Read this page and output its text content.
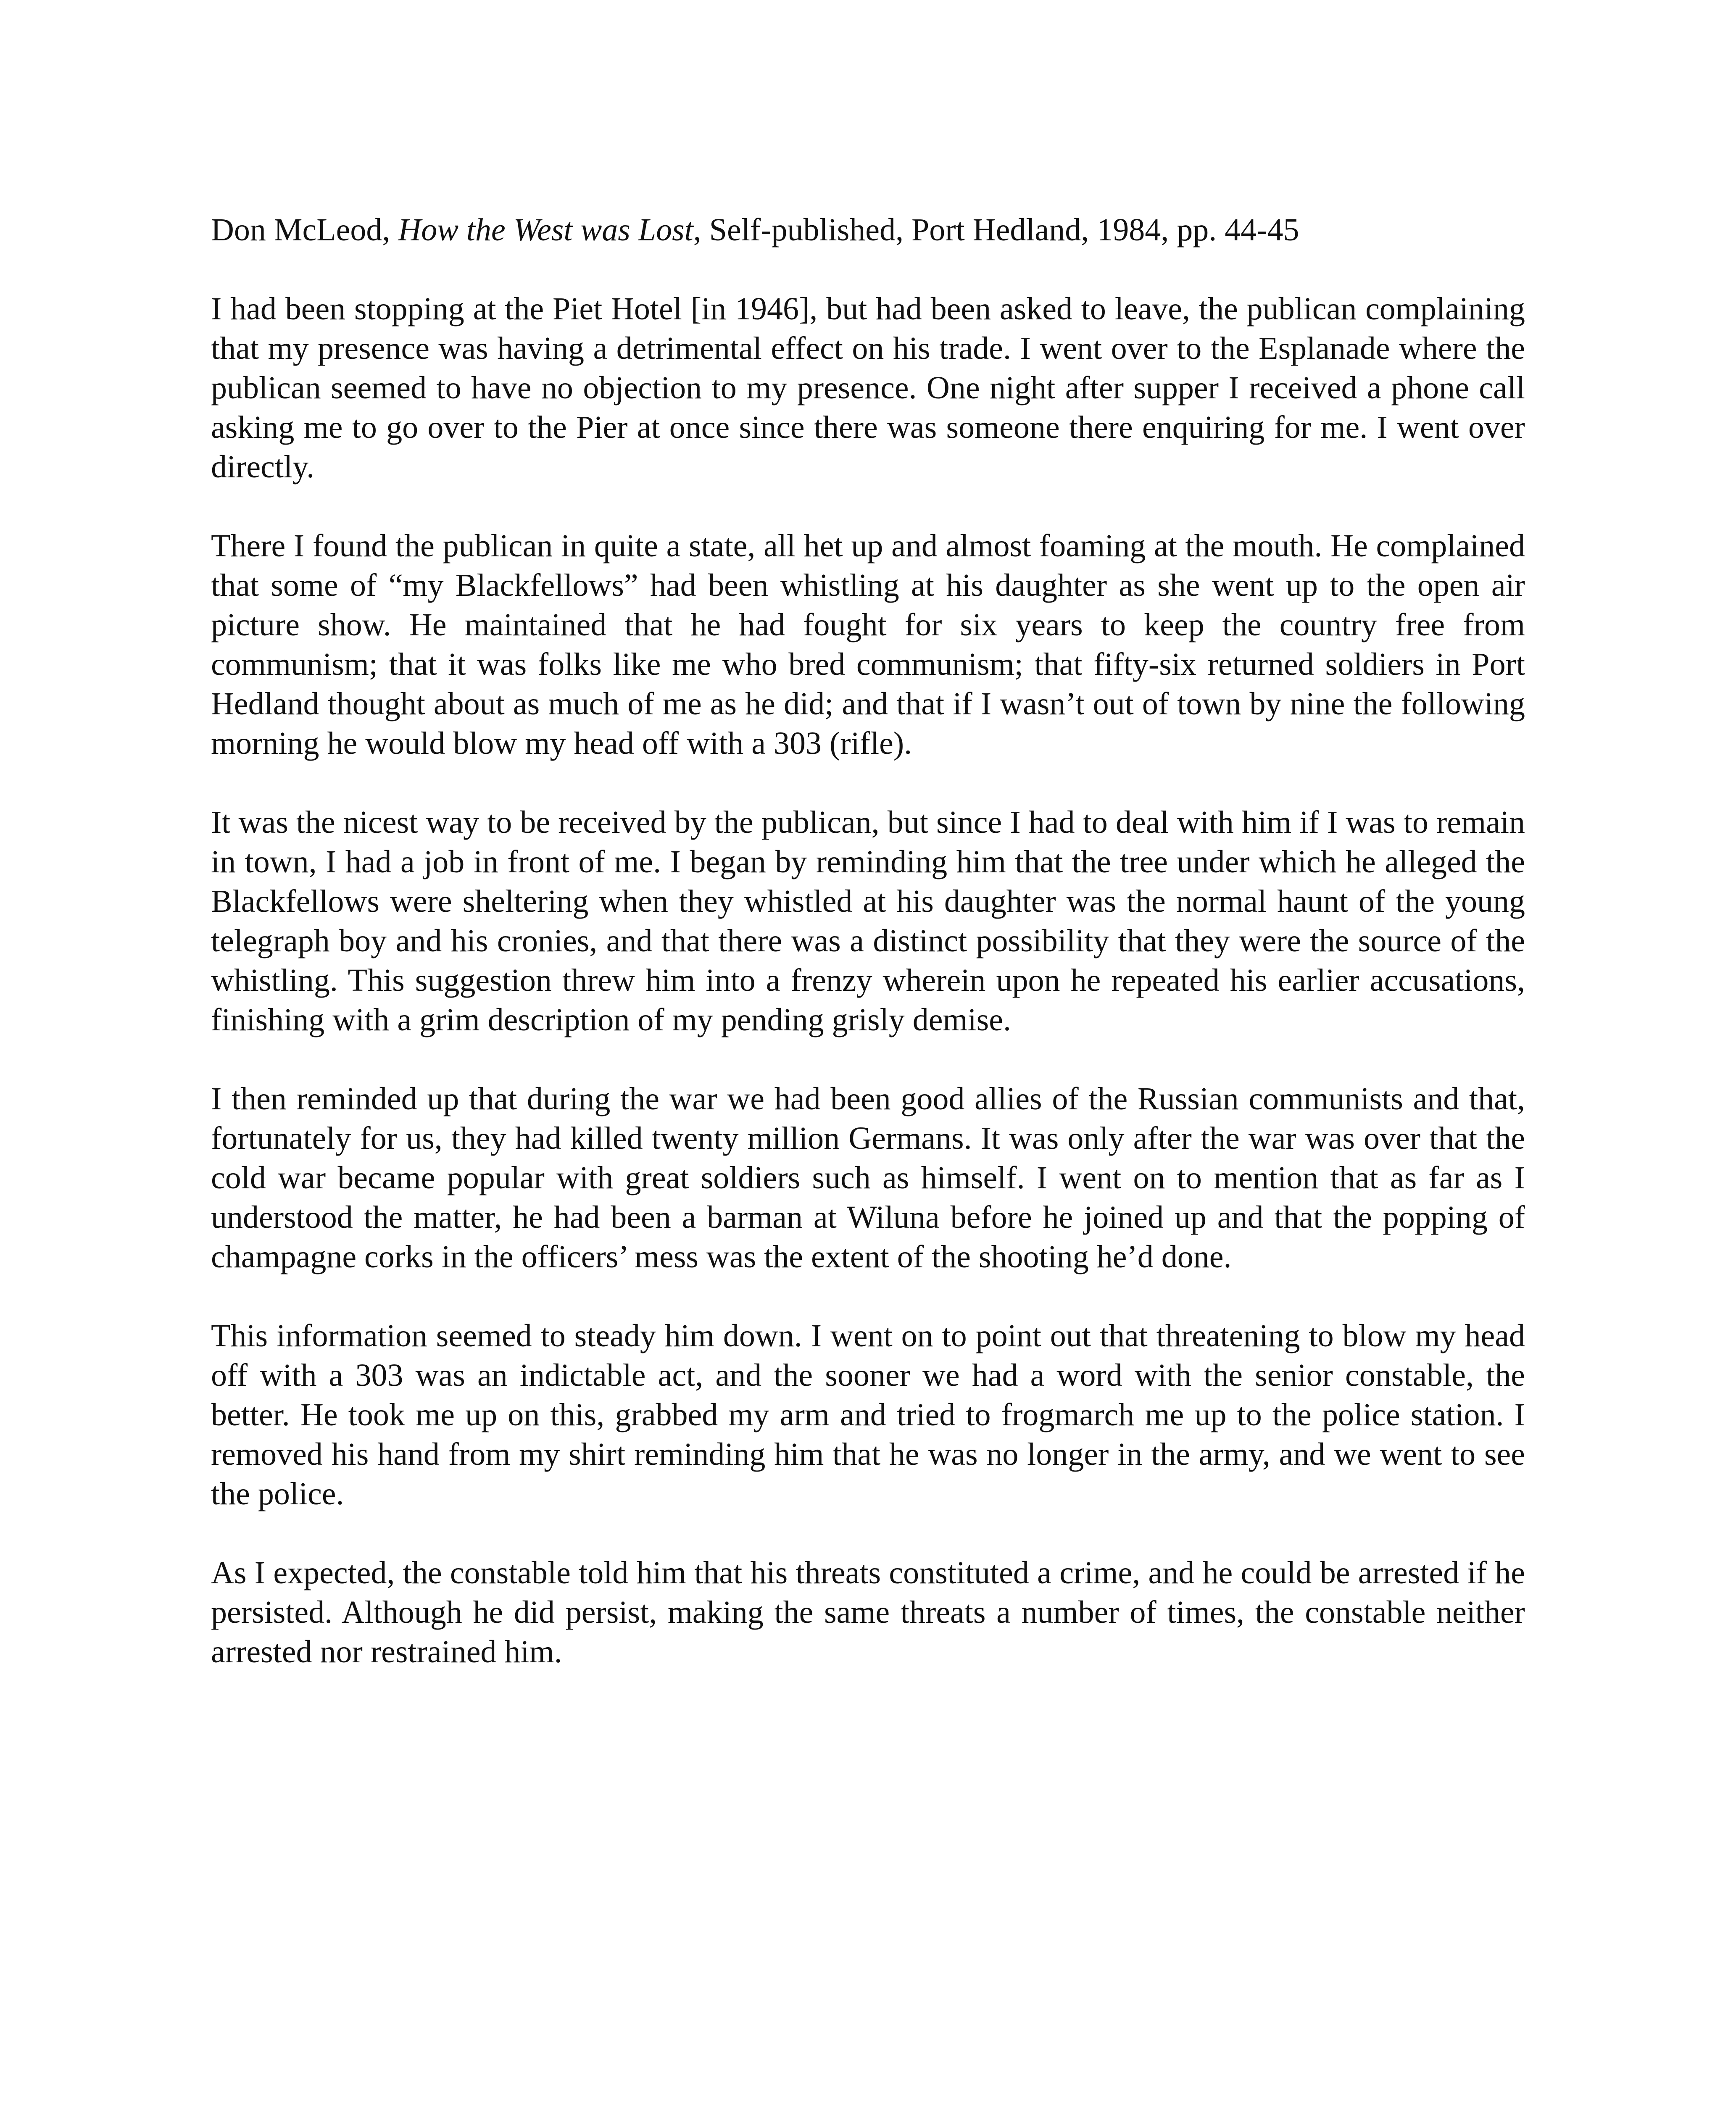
Don McLeod, How the West was Lost, Self-published, Port Hedland, 1984, pp. 44-45

I had been stopping at the Piet Hotel [in 1946], but had been asked to leave, the publican complaining that my presence was having a detrimental effect on his trade. I went over to the Esplanade where the publican seemed to have no objection to my presence. One night after supper I received a phone call asking me to go over to the Pier at once since there was someone there enquiring for me. I went over directly.

There I found the publican in quite a state, all het up and almost foaming at the mouth. He complained that some of “my Blackfellows” had been whistling at his daughter as she went up to the open air picture show. He maintained that he had fought for six years to keep the country free from communism; that it was folks like me who bred communism; that fifty-six returned soldiers in Port Hedland thought about as much of me as he did; and that if I wasn’t out of town by nine the following morning he would blow my head off with a 303 (rifle).

It was the nicest way to be received by the publican, but since I had to deal with him if I was to remain in town, I had a job in front of me. I began by reminding him that the tree under which he alleged the Blackfellows were sheltering when they whistled at his daughter was the normal haunt of the young telegraph boy and his cronies, and that there was a distinct possibility that they were the source of the whistling. This suggestion threw him into a frenzy wherein upon he repeated his earlier accusations, finishing with a grim description of my pending grisly demise.

I then reminded up that during the war we had been good allies of the Russian communists and that, fortunately for us, they had killed twenty million Germans. It was only after the war was over that the cold war became popular with great soldiers such as himself. I went on to mention that as far as I understood the matter, he had been a barman at Wiluna before he joined up and that the popping of champagne corks in the officers’ mess was the extent of the shooting he’d done.

This information seemed to steady him down. I went on to point out that threatening to blow my head off with a 303 was an indictable act, and the sooner we had a word with the senior constable, the better. He took me up on this, grabbed my arm and tried to frogmarch me up to the police station. I removed his hand from my shirt reminding him that he was no longer in the army, and we went to see the police.

As I expected, the constable told him that his threats constituted a crime, and he could be arrested if he persisted. Although he did persist, making the same threats a number of times, the constable neither arrested nor restrained him.
